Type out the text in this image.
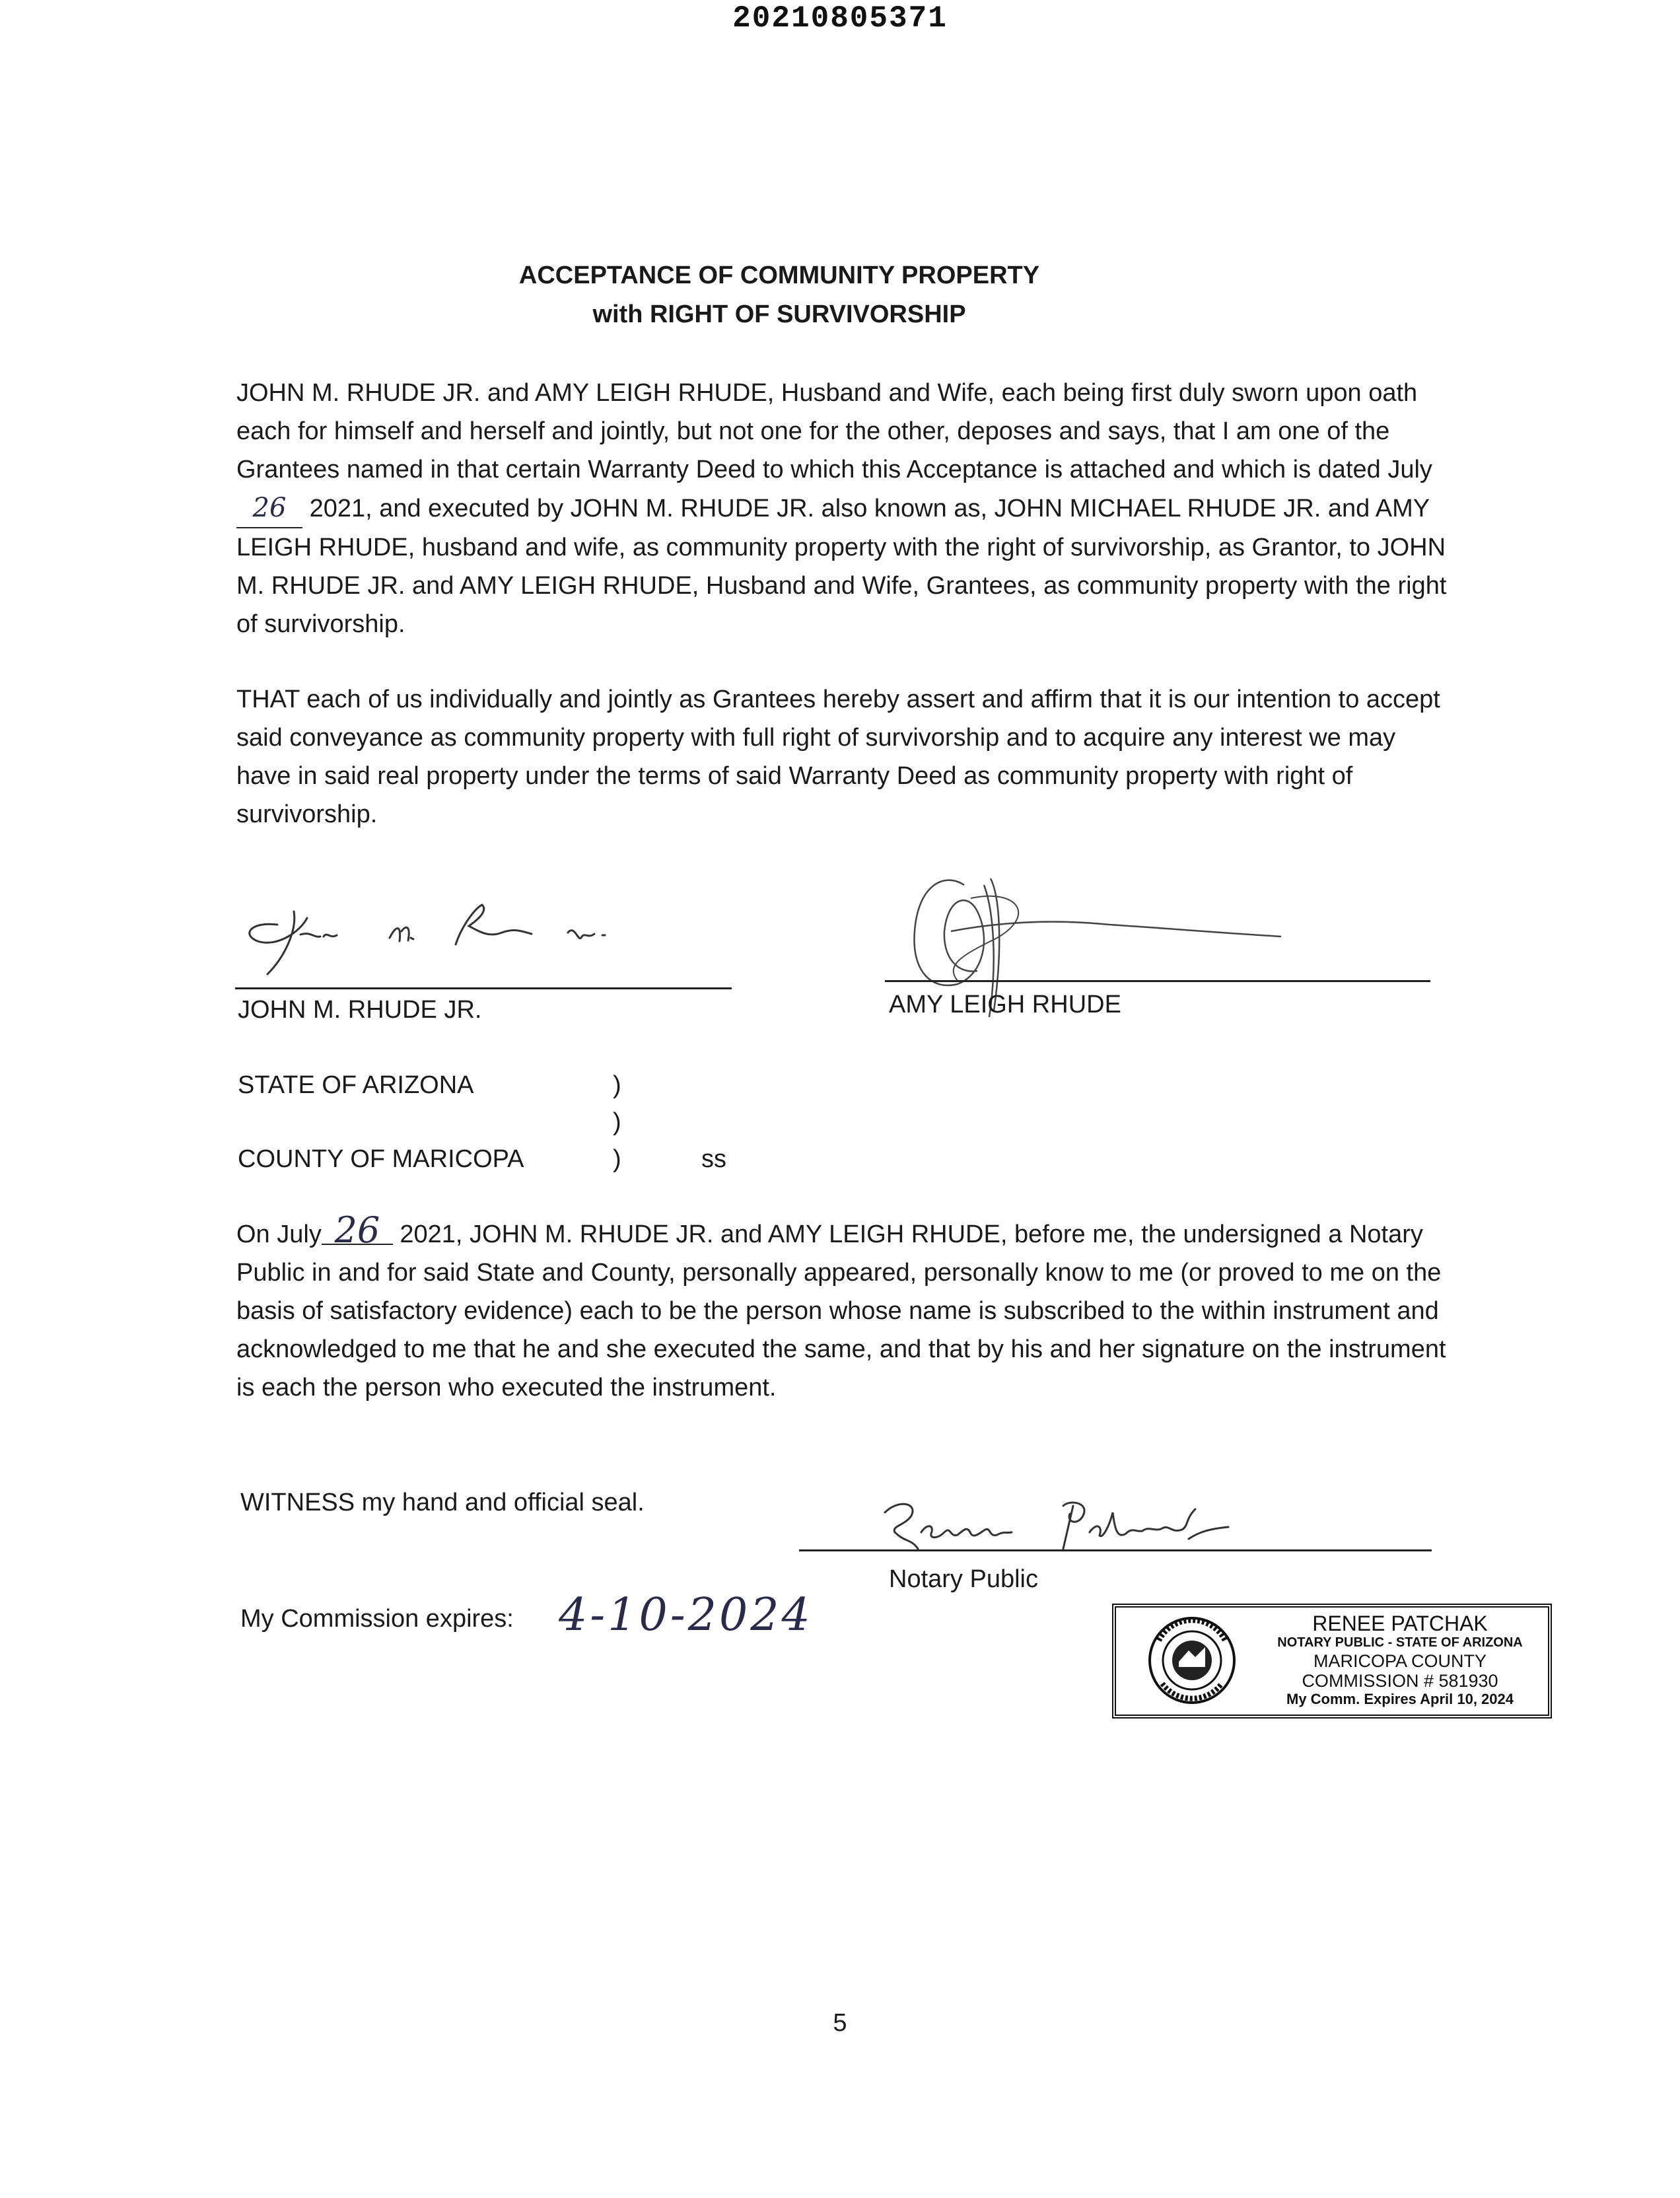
20210805371
ACCEPTANCE OF COMMUNITY PROPERTY
with RIGHT OF SURVIVORSHIP

JOHN M. RHUDE JR. and AMY LEIGH RHUDE, Husband and Wife, each being first duly sworn upon oath each for himself and herself and jointly, but not one for the other, deposes and says, that I am one of the Grantees named in that certain Warranty Deed to which this Acceptance is attached and which is dated July 26 2021, and executed by JOHN M. RHUDE JR. also known as, JOHN MICHAEL RHUDE JR. and AMY LEIGH RHUDE, husband and wife, as community property with the right of survivorship, as Grantor, to JOHN M. RHUDE JR. and AMY LEIGH RHUDE, Husband and Wife, Grantees, as community property with the right of survivorship.

THAT each of us individually and jointly as Grantees hereby assert and affirm that it is our intention to accept said conveyance as community property with full right of survivorship and to acquire any interest we may have in said real property under the terms of said Warranty Deed as community property with right of survivorship.

JOHN M. RHUDE JR.	AMY LEIGH RHUDE
STATE OF ARIZONA	)
)
COUNTY OF MARICOPA	)	ss

On July 26 2021, JOHN M. RHUDE JR. and AMY LEIGH RHUDE, before me, the undersigned a Notary Public in and for said State and County, personally appeared, personally know to me (or proved to me on the basis of satisfactory evidence) each to be the person whose name is subscribed to the within instrument and acknowledged to me that he and she executed the same, and that by his and her signature on the instrument is each the person who executed the instrument.

WITNESS my hand and official seal.
Notary Public
My Commission expires: 4-10-2024	RENEE PATCHAK
NOTARY PUBLIC - STATE OF ARIZONA
MARICOPA COUNTY
COMMISSION # 581930
My Comm. Expires April 10, 2024
5
